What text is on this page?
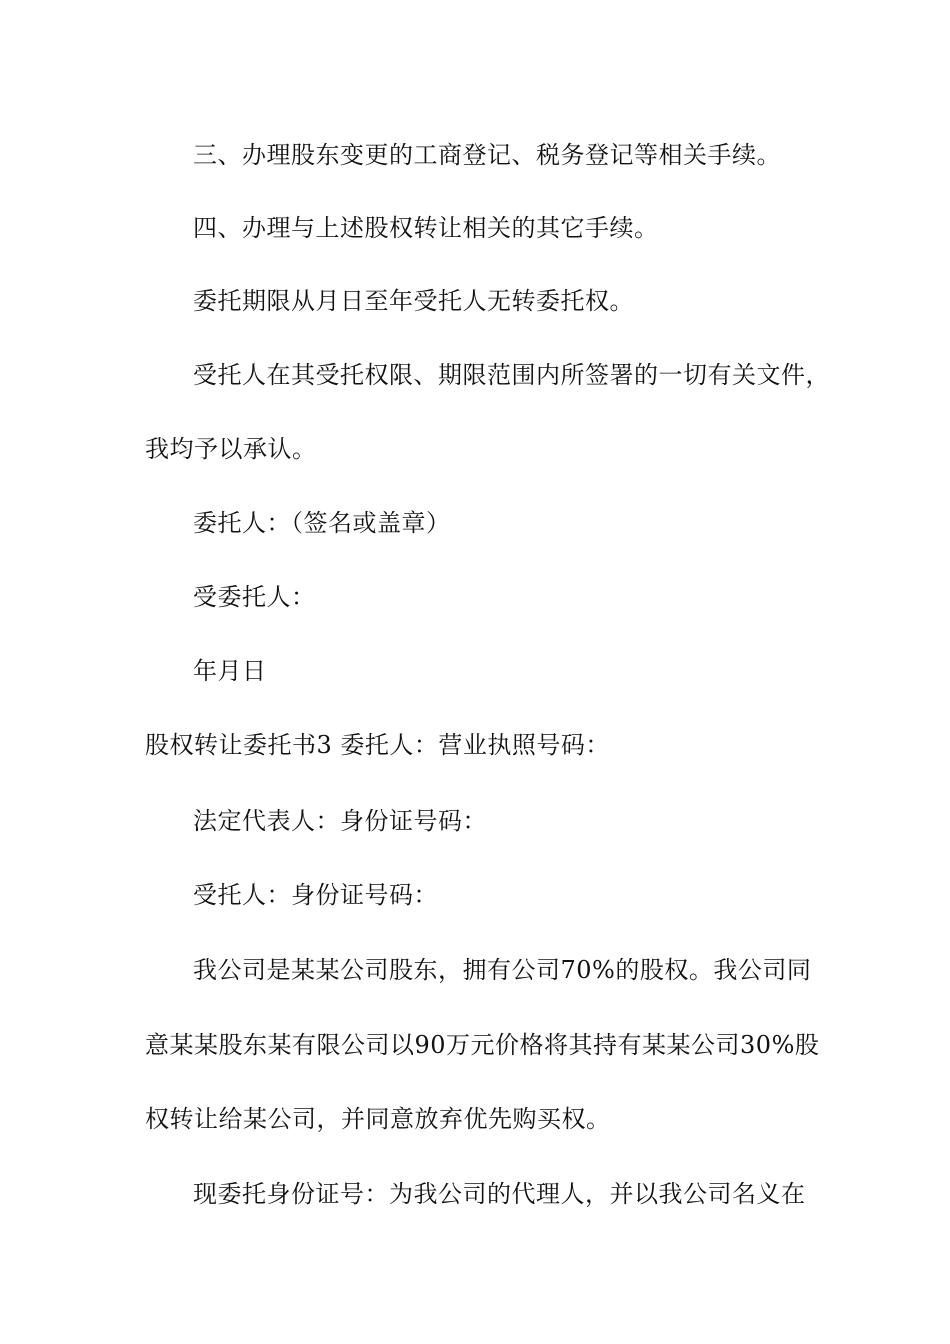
三、办理股东变更的工商登记、税务登记等相关手续。
四、办理与上述股权转让相关的其它手续。
委托期限从月日至年受托人无转委托权。
受托人在其受托权限、期限范围内所签署的一切有关文件，
我均予以承认。
委托人：（签名或盖章）
受委托人：
年月日
股权转让委托书3 委托人：营业执照号码：
法定代表人：身份证号码：
受托人：身份证号码：
我公司是某某公司股东，拥有公司70%的股权。我公司同
意某某股东某有限公司以90万元价格将其持有某某公司30%股
权转让给某公司，并同意放弃优先购买权。
现委托身份证号：为我公司的代理人，并以我公司名义在
